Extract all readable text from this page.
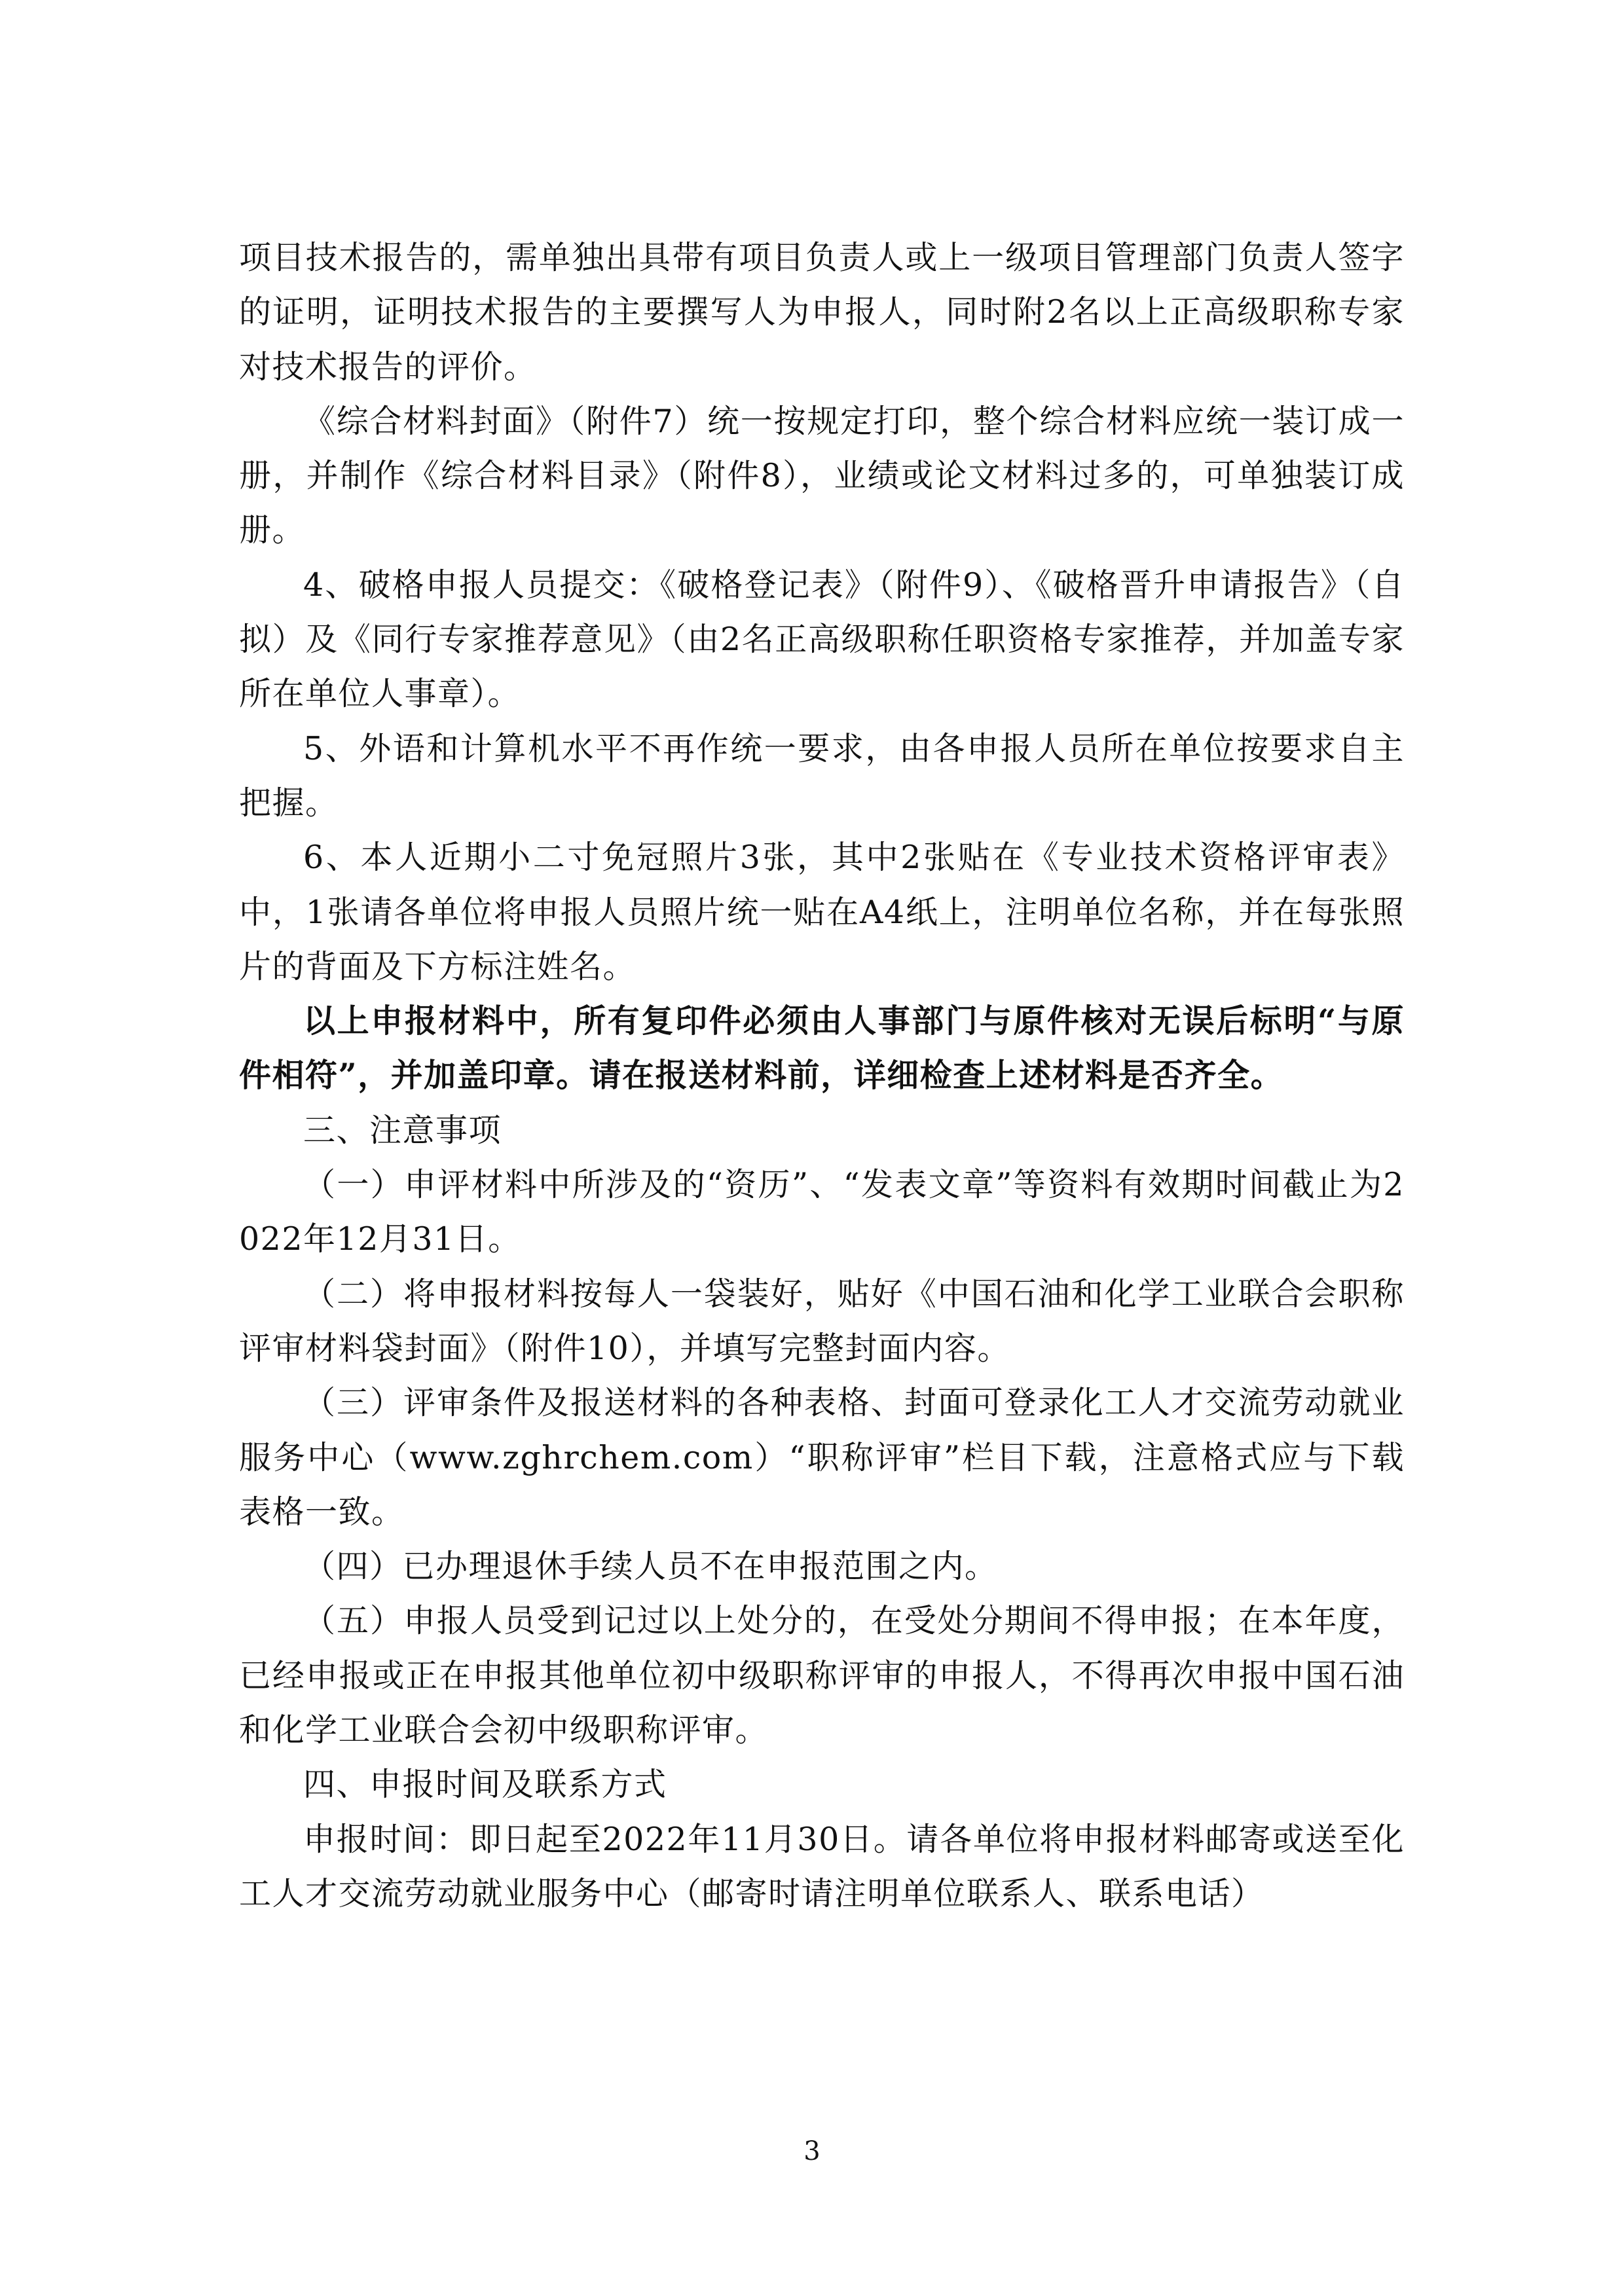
项目技术报告的，需单独出具带有项目负责人或上一级项目管理部门负责人签字的证明，证明技术报告的主要撰写人为申报人，同时附2名以上正高级职称专家对技术报告的评价。

《综合材料封面》（附件7）统一按规定打印，整个综合材料应统一装订成一册，并制作《综合材料目录》（附件8），业绩或论文材料过多的，可单独装订成册。

4、破格申报人员提交：《破格登记表》（附件9）、《破格晋升申请报告》（自拟）及《同行专家推荐意见》（由2名正高级职称任职资格专家推荐，并加盖专家所在单位人事章）。

5、外语和计算机水平不再作统一要求，由各申报人员所在单位按要求自主把握。

6、本人近期小二寸免冠照片3张，其中2张贴在《专业技术资格评审表》中，1张请各单位将申报人员照片统一贴在A4纸上，注明单位名称，并在每张照片的背面及下方标注姓名。

以上申报材料中，所有复印件必须由人事部门与原件核对无误后标明“与原件相符”，并加盖印章。请在报送材料前，详细检查上述材料是否齐全。

三、注意事项

（一）申评材料中所涉及的“资历”、“发表文章”等资料有效期时间截止为2022年12月31日。

（二）将申报材料按每人一袋装好，贴好《中国石油和化学工业联合会职称评审材料袋封面》（附件10），并填写完整封面内容。

（三）评审条件及报送材料的各种表格、封面可登录化工人才交流劳动就业服务中心（www.zghrchem.com）“职称评审”栏目下载，注意格式应与下载表格一致。

（四）已办理退休手续人员不在申报范围之内。

（五）申报人员受到记过以上处分的，在受处分期间不得申报；在本年度，已经申报或正在申报其他单位初中级职称评审的申报人，不得再次申报中国石油和化学工业联合会初中级职称评审。

四、申报时间及联系方式

申报时间：即日起至2022年11月30日。请各单位将申报材料邮寄或送至化工人才交流劳动就业服务中心（邮寄时请注明单位联系人、联系电话）

3
